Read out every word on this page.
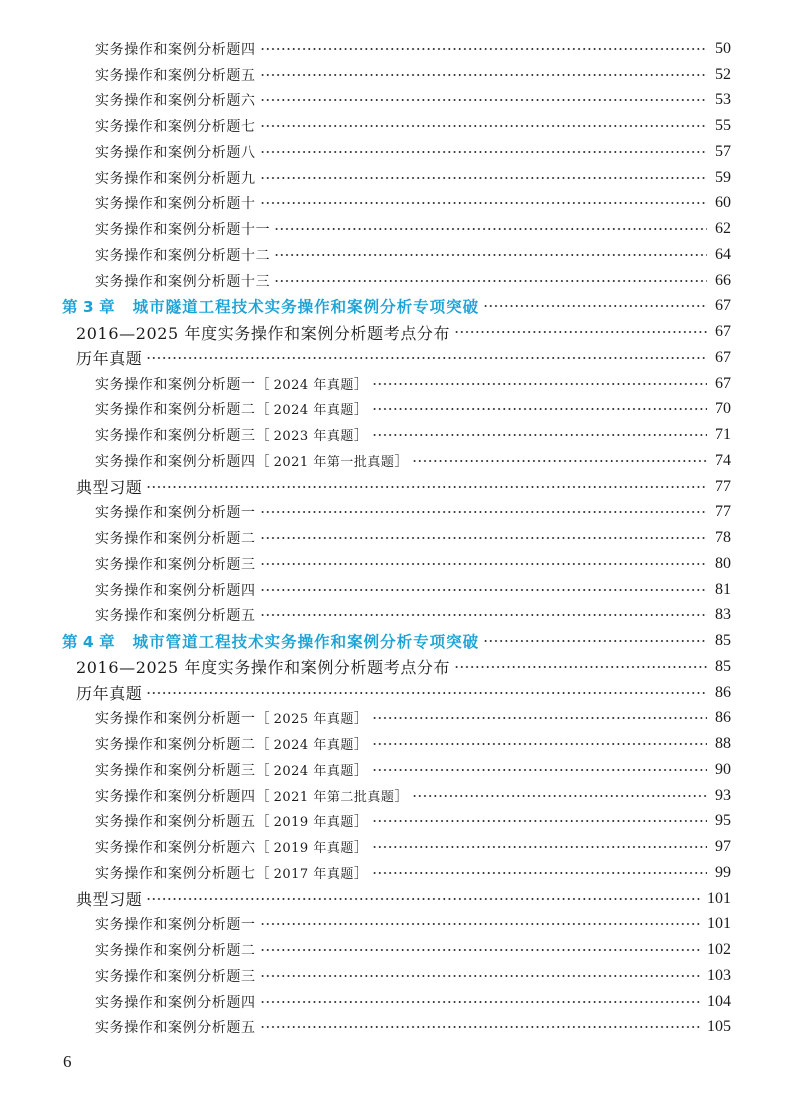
实务操作和案例分析题四	50
实务操作和案例分析题五	52
实务操作和案例分析题六	53
实务操作和案例分析题七	55
实务操作和案例分析题八	57
实务操作和案例分析题九	59
实务操作和案例分析题十	60
实务操作和案例分析题十一	62
实务操作和案例分析题十二	64
实务操作和案例分析题十三	66
第 3 章 城市隧道工程技术实务操作和案例分析专项突破	67
2016—2025 年度实务操作和案例分析题考点分布	67
历年真题	67
实务操作和案例分析题一［ 2024 年真题］	67
实务操作和案例分析题二［ 2024 年真题］	70
实务操作和案例分析题三［ 2023 年真题］	71
实务操作和案例分析题四［ 2021 年第一批真题］	74
典型习题	77
实务操作和案例分析题一	77
实务操作和案例分析题二	78
实务操作和案例分析题三	80
实务操作和案例分析题四	81
实务操作和案例分析题五	83
第 4 章 城市管道工程技术实务操作和案例分析专项突破	85
2016—2025 年度实务操作和案例分析题考点分布	85
历年真题	86
实务操作和案例分析题一［ 2025 年真题］	86
实务操作和案例分析题二［ 2024 年真题］	88
实务操作和案例分析题三［ 2024 年真题］	90
实务操作和案例分析题四［ 2021 年第二批真题］	93
实务操作和案例分析题五［ 2019 年真题］	95
实务操作和案例分析题六［ 2019 年真题］	97
实务操作和案例分析题七［ 2017 年真题］	99
典型习题	101
实务操作和案例分析题一	101
实务操作和案例分析题二	102
实务操作和案例分析题三	103
实务操作和案例分析题四	104
实务操作和案例分析题五	105
6
